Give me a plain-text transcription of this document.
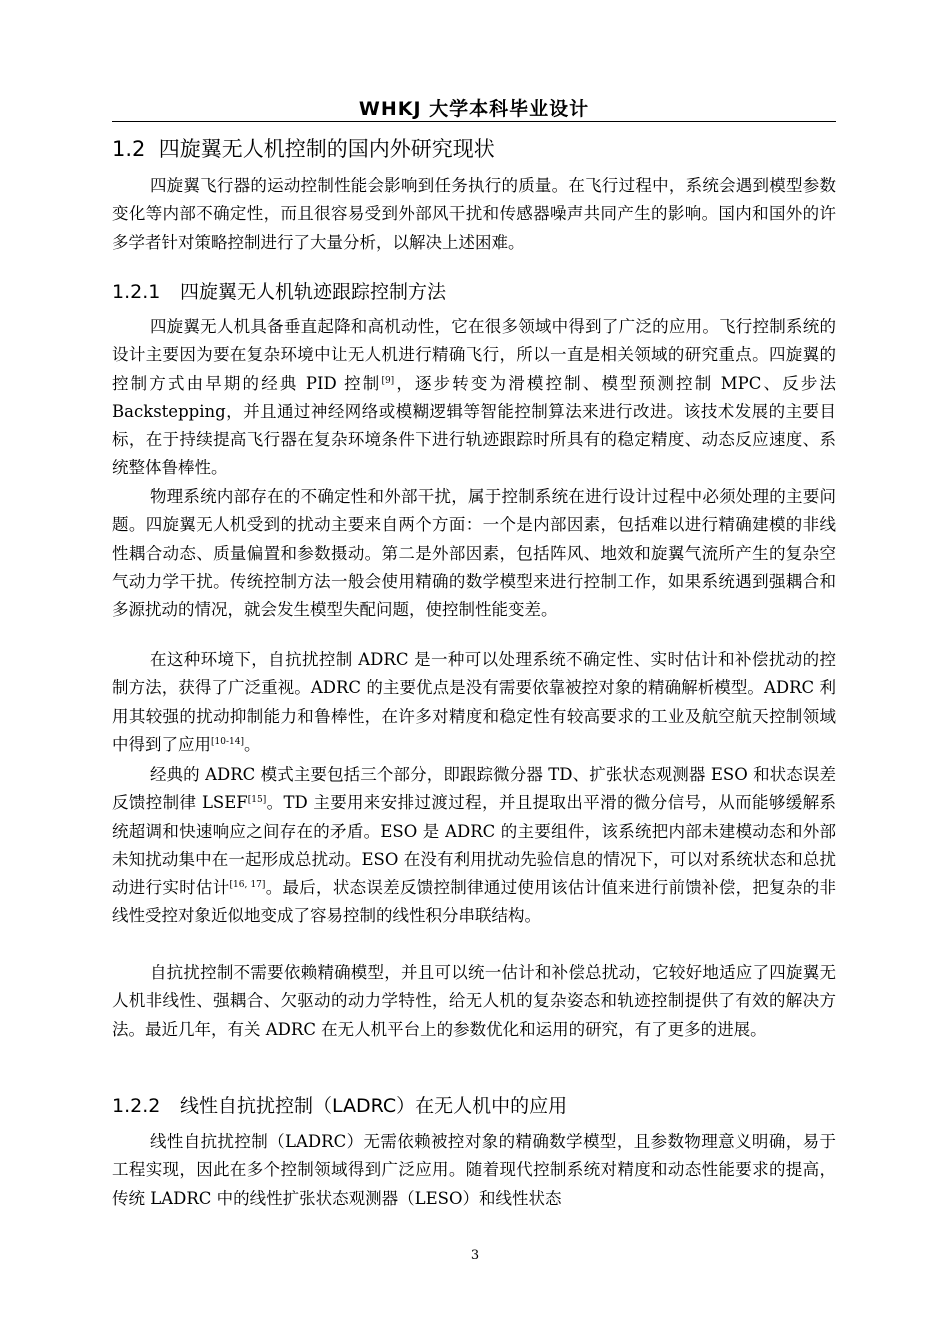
WHKJ 大学本科毕业设计
1.2 四旋翼无人机控制的国内外研究现状
四旋翼飞行器的运动控制性能会影响到任务执行的质量。在飞行过程中，系统会遇到模型参数变化等内部不确定性，而且很容易受到外部风干扰和传感器噪声共同产生的影响。国内和国外的许多学者针对策略控制进行了大量分析，以解决上述困难。
1.2.1 四旋翼无人机轨迹跟踪控制方法
四旋翼无人机具备垂直起降和高机动性，它在很多领域中得到了广泛的应用。飞行控制系统的设计主要因为要在复杂环境中让无人机进行精确飞行，所以一直是相关领域的研究重点。四旋翼的控制方式由早期的经典 PID 控制[9]，逐步转变为滑模控制、模型预测控制 MPC、反步法 Backstepping，并且通过神经网络或模糊逻辑等智能控制算法来进行改进。该技术发展的主要目标，在于持续提高飞行器在复杂环境条件下进行轨迹跟踪时所具有的稳定精度、动态反应速度、系统整体鲁棒性。
物理系统内部存在的不确定性和外部干扰，属于控制系统在进行设计过程中必须处理的主要问题。四旋翼无人机受到的扰动主要来自两个方面：一个是内部因素，包括难以进行精确建模的非线性耦合动态、质量偏置和参数摄动。第二是外部因素，包括阵风、地效和旋翼气流所产生的复杂空气动力学干扰。传统控制方法一般会使用精确的数学模型来进行控制工作，如果系统遇到强耦合和多源扰动的情况，就会发生模型失配问题，使控制性能变差。
在这种环境下，自抗扰控制 ADRC 是一种可以处理系统不确定性、实时估计和补偿扰动的控制方法，获得了广泛重视。ADRC 的主要优点是没有需要依靠被控对象的精确解析模型。ADRC 利用其较强的扰动抑制能力和鲁棒性，在许多对精度和稳定性有较高要求的工业及航空航天控制领域中得到了应用[10-14]。
经典的 ADRC 模式主要包括三个部分，即跟踪微分器 TD、扩张状态观测器 ESO 和状态误差反馈控制律 LSEF[15]。TD 主要用来安排过渡过程，并且提取出平滑的微分信号，从而能够缓解系统超调和快速响应之间存在的矛盾。ESO 是 ADRC 的主要组件，该系统把内部未建模动态和外部未知扰动集中在一起形成总扰动。ESO 在没有利用扰动先验信息的情况下，可以对系统状态和总扰动进行实时估计[16, 17]。最后，状态误差反馈控制律通过使用该估计值来进行前馈补偿，把复杂的非线性受控对象近似地变成了容易控制的线性积分串联结构。
自抗扰控制不需要依赖精确模型，并且可以统一估计和补偿总扰动，它较好地适应了四旋翼无人机非线性、强耦合、欠驱动的动力学特性，给无人机的复杂姿态和轨迹控制提供了有效的解决方法。最近几年，有关 ADRC 在无人机平台上的参数优化和运用的研究，有了更多的进展。
1.2.2 线性自抗扰控制（LADRC）在无人机中的应用
线性自抗扰控制（LADRC）无需依赖被控对象的精确数学模型，且参数物理意义明确，易于工程实现，因此在多个控制领域得到广泛应用。随着现代控制系统对精度和动态性能要求的提高，传统 LADRC 中的线性扩张状态观测器（LESO）和线性状态
3
